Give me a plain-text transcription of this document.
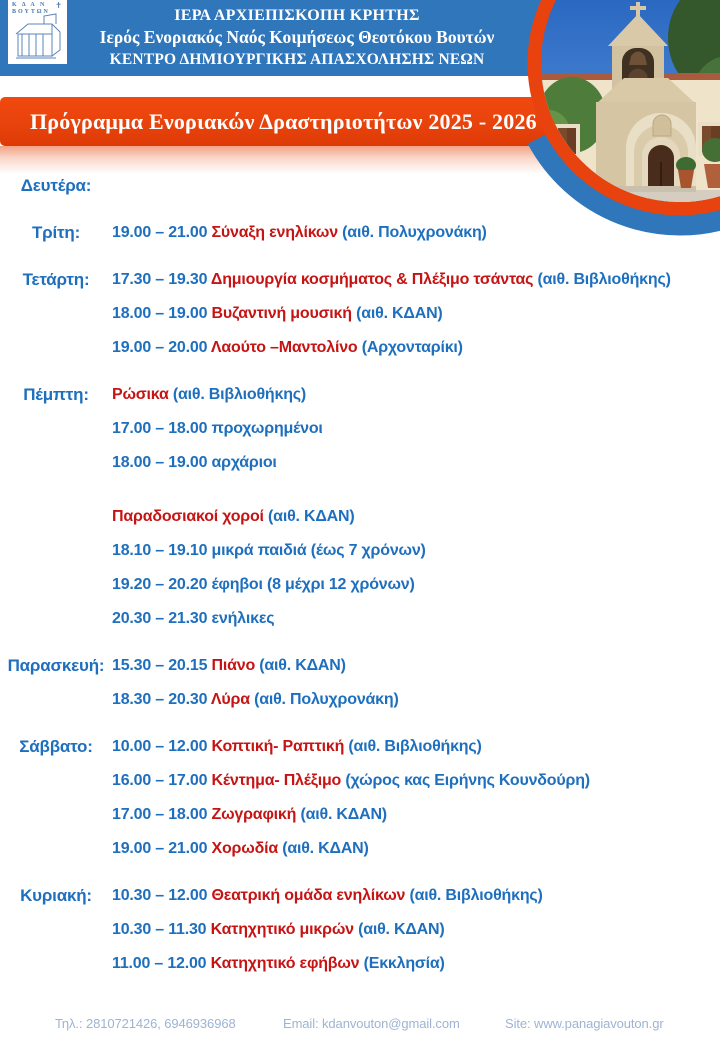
ΙΕΡΑ ΑΡΧΙΕΠΙΣΚΟΠΗ ΚΡΗΤΗΣ
Ιερός Ενοριακός Ναός Κοιμήσεως Θεοτόκου Βουτών
ΚΕΝΤΡΟ ΔΗΜΙΟΥΡΓΙΚΗΣ ΑΠΑΣΧΟΛΗΣΗΣ ΝΕΩΝ
Κ Δ Α Ν
ΒΟΥΤΩΝ
✝
Πρόγραμμα Ενοριακών Δραστηριοτήτων 2025 - 2026
Δευτέρα:
Τρίτη:	19.00 – 21.00 Σύναξη ενηλίκων (αιθ. Πολυχρονάκη)
Τετάρτη:	17.30 – 19.30 Δημιουργία κοσμήματος & Πλέξιμο τσάντας (αιθ. Βιβλιοθήκης)
18.00 – 19.00 Βυζαντινή μουσική (αιθ. ΚΔΑΝ)
19.00 – 20.00 Λαούτο –Μαντολίνο (Αρχονταρίκι)
Πέμπτη:	Ρώσικα (αιθ. Βιβλιοθήκης)
17.00 – 18.00 προχωρημένοι
18.00 – 19.00 αρχάριοι
Παραδοσιακοί χοροί (αιθ. ΚΔΑΝ)
18.10 – 19.10 μικρά παιδιά (έως 7 χρόνων)
19.20 – 20.20 έφηβοι (8 μέχρι 12 χρόνων)
20.30 – 21.30 ενήλικες
Παρασκευή: 15.30 – 20.15 Πιάνο (αιθ. ΚΔΑΝ)
18.30 – 20.30 Λύρα (αιθ. Πολυχρονάκη)
Σάββατο:	10.00 – 12.00 Κοπτική- Ραπτική (αιθ. Βιβλιοθήκης)
16.00 – 17.00 Κέντημα- Πλέξιμο (χώρος κας Ειρήνης Κουνδούρη)
17.00 – 18.00 Ζωγραφική (αιθ. ΚΔΑΝ)
19.00 – 21.00 Χορωδία (αιθ. ΚΔΑΝ)
Κυριακή:	10.30 – 12.00 Θεατρική ομάδα ενηλίκων (αιθ. Βιβλιοθήκης)
10.30 – 11.30 Κατηχητικό μικρών (αιθ. ΚΔΑΝ)
11.00 – 12.00 Κατηχητικό εφήβων (Εκκλησία)
Τηλ.: 2810721426, 6946936968	Email: kdanvouton@gmail.com	Site: www.panagiavouton.gr
